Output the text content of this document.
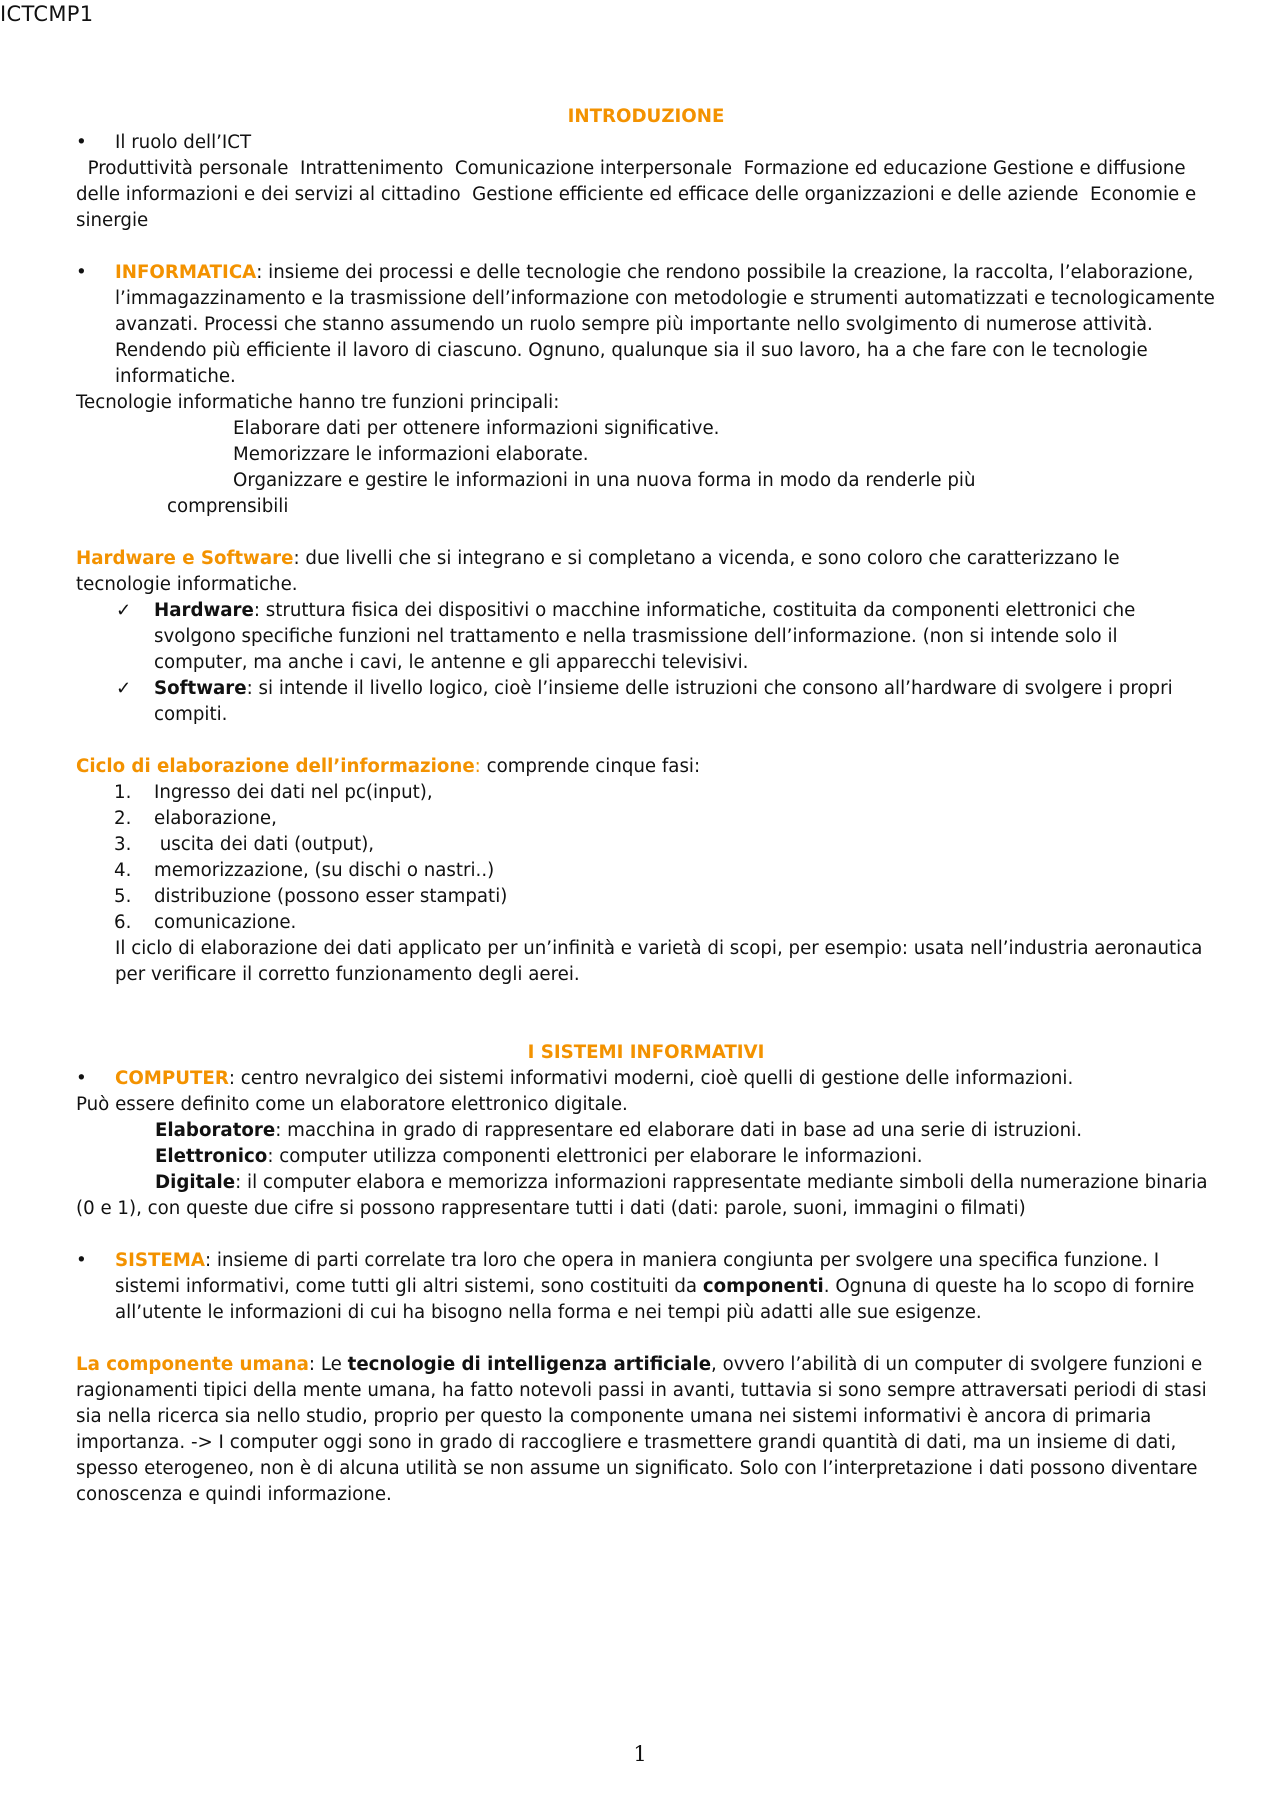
ICTCMP1

INTRODUZIONE

•	Il ruolo dell’ICT

Produttività personale  Intrattenimento  Comunicazione interpersonale  Formazione ed educazione Gestione e diffusione delle informazioni e dei servizi al cittadino  Gestione efficiente ed efficace delle organizzazioni e delle aziende  Economie e sinergie

•	INFORMATICA: insieme dei processi e delle tecnologie che rendono possibile la creazione, la raccolta, l’elaborazione, l’immagazzinamento e la trasmissione dell’informazione con metodologie e strumenti automatizzati e tecnologicamente avanzati. Processi che stanno assumendo un ruolo sempre più importante nello svolgimento di numerose attività. Rendendo più efficiente il lavoro di ciascuno. Ognuno, qualunque sia il suo lavoro, ha a che fare con le tecnologie informatiche.

Tecnologie informatiche hanno tre funzioni principali:

Elaborare dati per ottenere informazioni significative.

Memorizzare le informazioni elaborate.

Organizzare e gestire le informazioni in una nuova forma in modo da renderle più

comprensibili

Hardware e Software: due livelli che si integrano e si completano a vicenda, e sono coloro che caratterizzano le tecnologie informatiche.

✓ Hardware: struttura fisica dei dispositivi o macchine informatiche, costituita da componenti elettronici che svolgono specifiche funzioni nel trattamento e nella trasmissione dell’informazione. (non si intende solo il computer, ma anche i cavi, le antenne e gli apparecchi televisivi.

✓ Software: si intende il livello logico, cioè l’insieme delle istruzioni che consono all’hardware di svolgere i propri compiti.

Ciclo di elaborazione dell’informazione: comprende cinque fasi:

1. Ingresso dei dati nel pc(input),

2. elaborazione,

3. uscita dei dati (output),

4. memorizzazione, (su dischi o nastri..)

5. distribuzione (possono esser stampati)

6. comunicazione.

Il ciclo di elaborazione dei dati applicato per un’infinità e varietà di scopi, per esempio: usata nell’industria aeronautica per verificare il corretto funzionamento degli aerei.

I SISTEMI INFORMATIVI

•	COMPUTER: centro nevralgico dei sistemi informativi moderni, cioè quelli di gestione delle informazioni.

Può essere definito come un elaboratore elettronico digitale.

Elaboratore: macchina in grado di rappresentare ed elaborare dati in base ad una serie di istruzioni.

Elettronico: computer utilizza componenti elettronici per elaborare le informazioni.

Digitale: il computer elabora e memorizza informazioni rappresentate mediante simboli della numerazione binaria (0 e 1), con queste due cifre si possono rappresentare tutti i dati (dati: parole, suoni, immagini o filmati)

•	SISTEMA: insieme di parti correlate tra loro che opera in maniera congiunta per svolgere una specifica funzione. I sistemi informativi, come tutti gli altri sistemi, sono costituiti da componenti. Ognuna di queste ha lo scopo di fornire all’utente le informazioni di cui ha bisogno nella forma e nei tempi più adatti alle sue esigenze.

La componente umana: Le tecnologie di intelligenza artificiale, ovvero l’abilità di un computer di svolgere funzioni e ragionamenti tipici della mente umana, ha fatto notevoli passi in avanti, tuttavia si sono sempre attraversati periodi di stasi sia nella ricerca sia nello studio, proprio per questo la componente umana nei sistemi informativi è ancora di primaria importanza. -> I computer oggi sono in grado di raccogliere e trasmettere grandi quantità di dati, ma un insieme di dati, spesso eterogeneo, non è di alcuna utilità se non assume un significato. Solo con l’interpretazione i dati possono diventare conoscenza e quindi informazione.

1
